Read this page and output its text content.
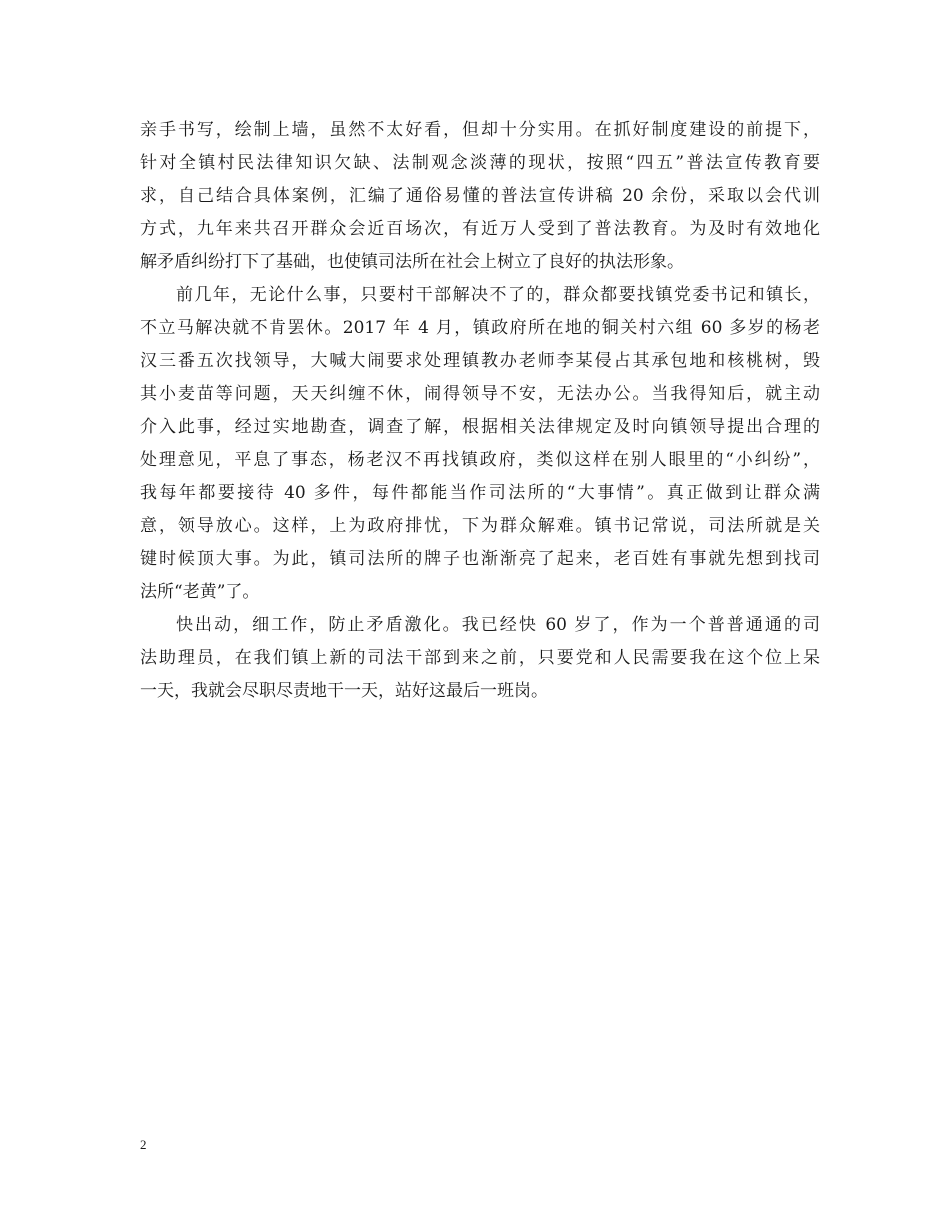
亲手书写，绘制上墙，虽然不太好看，但却十分实用。在抓好制度建设的前提下，
针对全镇村民法律知识欠缺、法制观念淡薄的现状，按照“四五”普法宣传教育要
求，自己结合具体案例，汇编了通俗易懂的普法宣传讲稿 20 余份，采取以会代训
方式，九年来共召开群众会近百场次，有近万人受到了普法教育。为及时有效地化
解矛盾纠纷打下了基础，也使镇司法所在社会上树立了良好的执法形象。

前几年，无论什么事，只要村干部解决不了的，群众都要找镇党委书记和镇长，
不立马解决就不肯罢休。2017 年 4 月，镇政府所在地的铜关村六组 60 多岁的杨老
汉三番五次找领导，大喊大闹要求处理镇教办老师李某侵占其承包地和核桃树，毁
其小麦苗等问题，天天纠缠不休，闹得领导不安，无法办公。当我得知后，就主动
介入此事，经过实地勘查，调查了解，根据相关法律规定及时向镇领导提出合理的
处理意见，平息了事态，杨老汉不再找镇政府，类似这样在别人眼里的“小纠纷”，
我每年都要接待 40 多件，每件都能当作司法所的“大事情”。真正做到让群众满
意，领导放心。这样，上为政府排忧，下为群众解难。镇书记常说，司法所就是关
键时候顶大事。为此，镇司法所的牌子也渐渐亮了起来，老百姓有事就先想到找司
法所“老黄”了。

快出动，细工作，防止矛盾激化。我已经快 60 岁了，作为一个普普通通的司
法助理员，在我们镇上新的司法干部到来之前，只要党和人民需要我在这个位上呆
一天，我就会尽职尽责地干一天，站好这最后一班岗。

2
